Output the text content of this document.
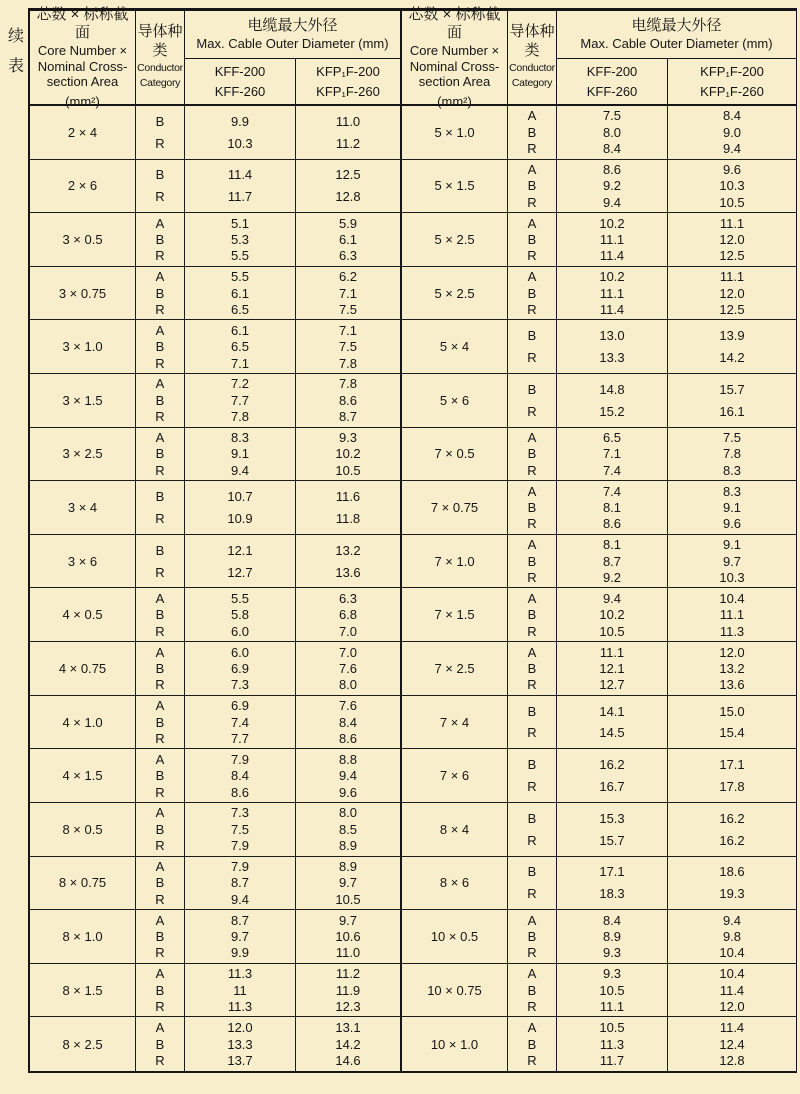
续表
芯数 × 标称截面
Core Number ×
Nominal Cross-
section Area
(mm²)
导体种类
Conductor
Category
电缆最大外径
Max. Cable Outer Diameter (mm)
KFF-200
KFF-260
KFP₁F-200
KFP₁F-260
2 × 4
B
R
9.9
10.3
11.0
11.2
2 × 6
B
R
11.4
11.7
12.5
12.8
3 × 0.5
A
B
R
5.1
5.3
5.5
5.9
6.1
6.3
3 × 0.75
A
B
R
5.5
6.1
6.5
6.2
7.1
7.5
3 × 1.0
A
B
R
6.1
6.5
7.1
7.1
7.5
7.8
3 × 1.5
A
B
R
7.2
7.7
7.8
7.8
8.6
8.7
3 × 2.5
A
B
R
8.3
9.1
9.4
9.3
10.2
10.5
3 × 4
B
R
10.7
10.9
11.6
11.8
3 × 6
B
R
12.1
12.7
13.2
13.6
4 × 0.5
A
B
R
5.5
5.8
6.0
6.3
6.8
7.0
4 × 0.75
A
B
R
6.0
6.9
7.3
7.0
7.6
8.0
4 × 1.0
A
B
R
6.9
7.4
7.7
7.6
8.4
8.6
4 × 1.5
A
B
R
7.9
8.4
8.6
8.8
9.4
9.6
8 × 0.5
A
B
R
7.3
7.5
7.9
8.0
8.5
8.9
8 × 0.75
A
B
R
7.9
8.7
9.4
8.9
9.7
10.5
8 × 1.0
A
B
R
8.7
9.7
9.9
9.7
10.6
11.0
8 × 1.5
A
B
R
11.3
11
11.3
11.2
11.9
12.3
8 × 2.5
A
B
R
12.0
13.3
13.7
13.1
14.2
14.6
芯数 × 标称截面
Core Number ×
Nominal Cross-
section Area
(mm²)
导体种类
Conductor
Category
电缆最大外径
Max. Cable Outer Diameter (mm)
KFF-200
KFF-260
KFP₁F-200
KFP₁F-260
5 × 1.0
A
B
R
7.5
8.0
8.4
8.4
9.0
9.4
5 × 1.5
A
B
R
8.6
9.2
9.4
9.6
10.3
10.5
5 × 2.5
A
B
R
10.2
11.1
11.4
11.1
12.0
12.5
5 × 2.5
A
B
R
10.2
11.1
11.4
11.1
12.0
12.5
5 × 4
B
R
13.0
13.3
13.9
14.2
5 × 6
B
R
14.8
15.2
15.7
16.1
7 × 0.5
A
B
R
6.5
7.1
7.4
7.5
7.8
8.3
7 × 0.75
A
B
R
7.4
8.1
8.6
8.3
9.1
9.6
7 × 1.0
A
B
R
8.1
8.7
9.2
9.1
9.7
10.3
7 × 1.5
A
B
R
9.4
10.2
10.5
10.4
11.1
11.3
7 × 2.5
A
B
R
11.1
12.1
12.7
12.0
13.2
13.6
7 × 4
B
R
14.1
14.5
15.0
15.4
7 × 6
B
R
16.2
16.7
17.1
17.8
8 × 4
B
R
15.3
15.7
16.2
16.2
8 × 6
B
R
17.1
18.3
18.6
19.3
10 × 0.5
A
B
R
8.4
8.9
9.3
9.4
9.8
10.4
10 × 0.75
A
B
R
9.3
10.5
11.1
10.4
11.4
12.0
10 × 1.0
A
B
R
10.5
11.3
11.7
11.4
12.4
12.8
